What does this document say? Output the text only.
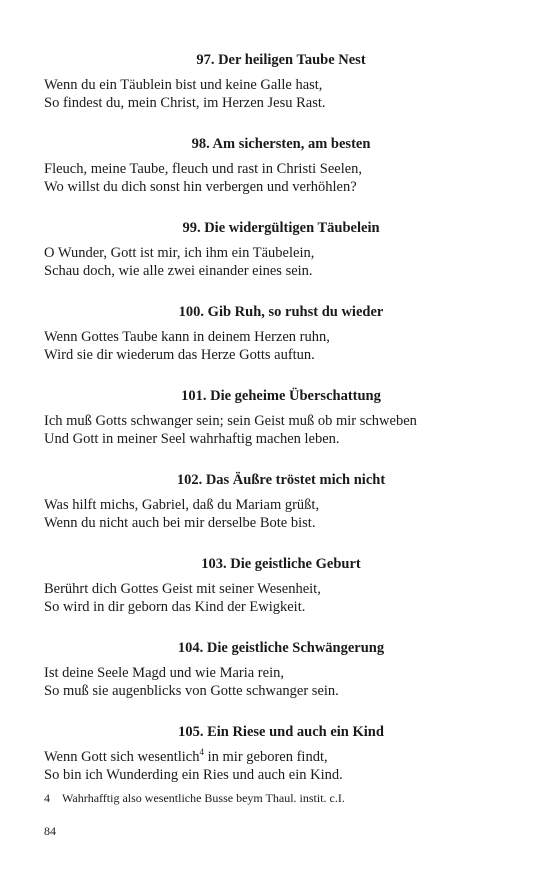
97. Der heiligen Taube Nest
Wenn du ein Täublein bist und keine Galle hast,
So findest du, mein Christ, im Herzen Jesu Rast.
98. Am sichersten, am besten
Fleuch, meine Taube, fleuch und rast in Christi Seelen,
Wo willst du dich sonst hin verbergen und verhöhlen?
99. Die widergültigen Täubelein
O Wunder, Gott ist mir, ich ihm ein Täubelein,
Schau doch, wie alle zwei einander eines sein.
100. Gib Ruh, so ruhst du wieder
Wenn Gottes Taube kann in deinem Herzen ruhn,
Wird sie dir wiederum das Herze Gotts auftun.
101. Die geheime Überschattung
Ich muß Gotts schwanger sein; sein Geist muß ob mir schweben
Und Gott in meiner Seel wahrhaftig machen leben.
102. Das Äußre tröstet mich nicht
Was hilft michs, Gabriel, daß du Mariam grüßt,
Wenn du nicht auch bei mir derselbe Bote bist.
103. Die geistliche Geburt
Berührt dich Gottes Geist mit seiner Wesenheit,
So wird in dir geborn das Kind der Ewigkeit.
104. Die geistliche Schwängerung
Ist deine Seele Magd und wie Maria rein,
So muß sie augenblicks von Gotte schwanger sein.
105. Ein Riese und auch ein Kind
Wenn Gott sich wesentlich$^4$ in mir geboren findt,
So bin ich Wunderding ein Ries und auch ein Kind.
4 Wahrhafftig also wesentliche Busse beym Thaul. instit. c.I.
84
